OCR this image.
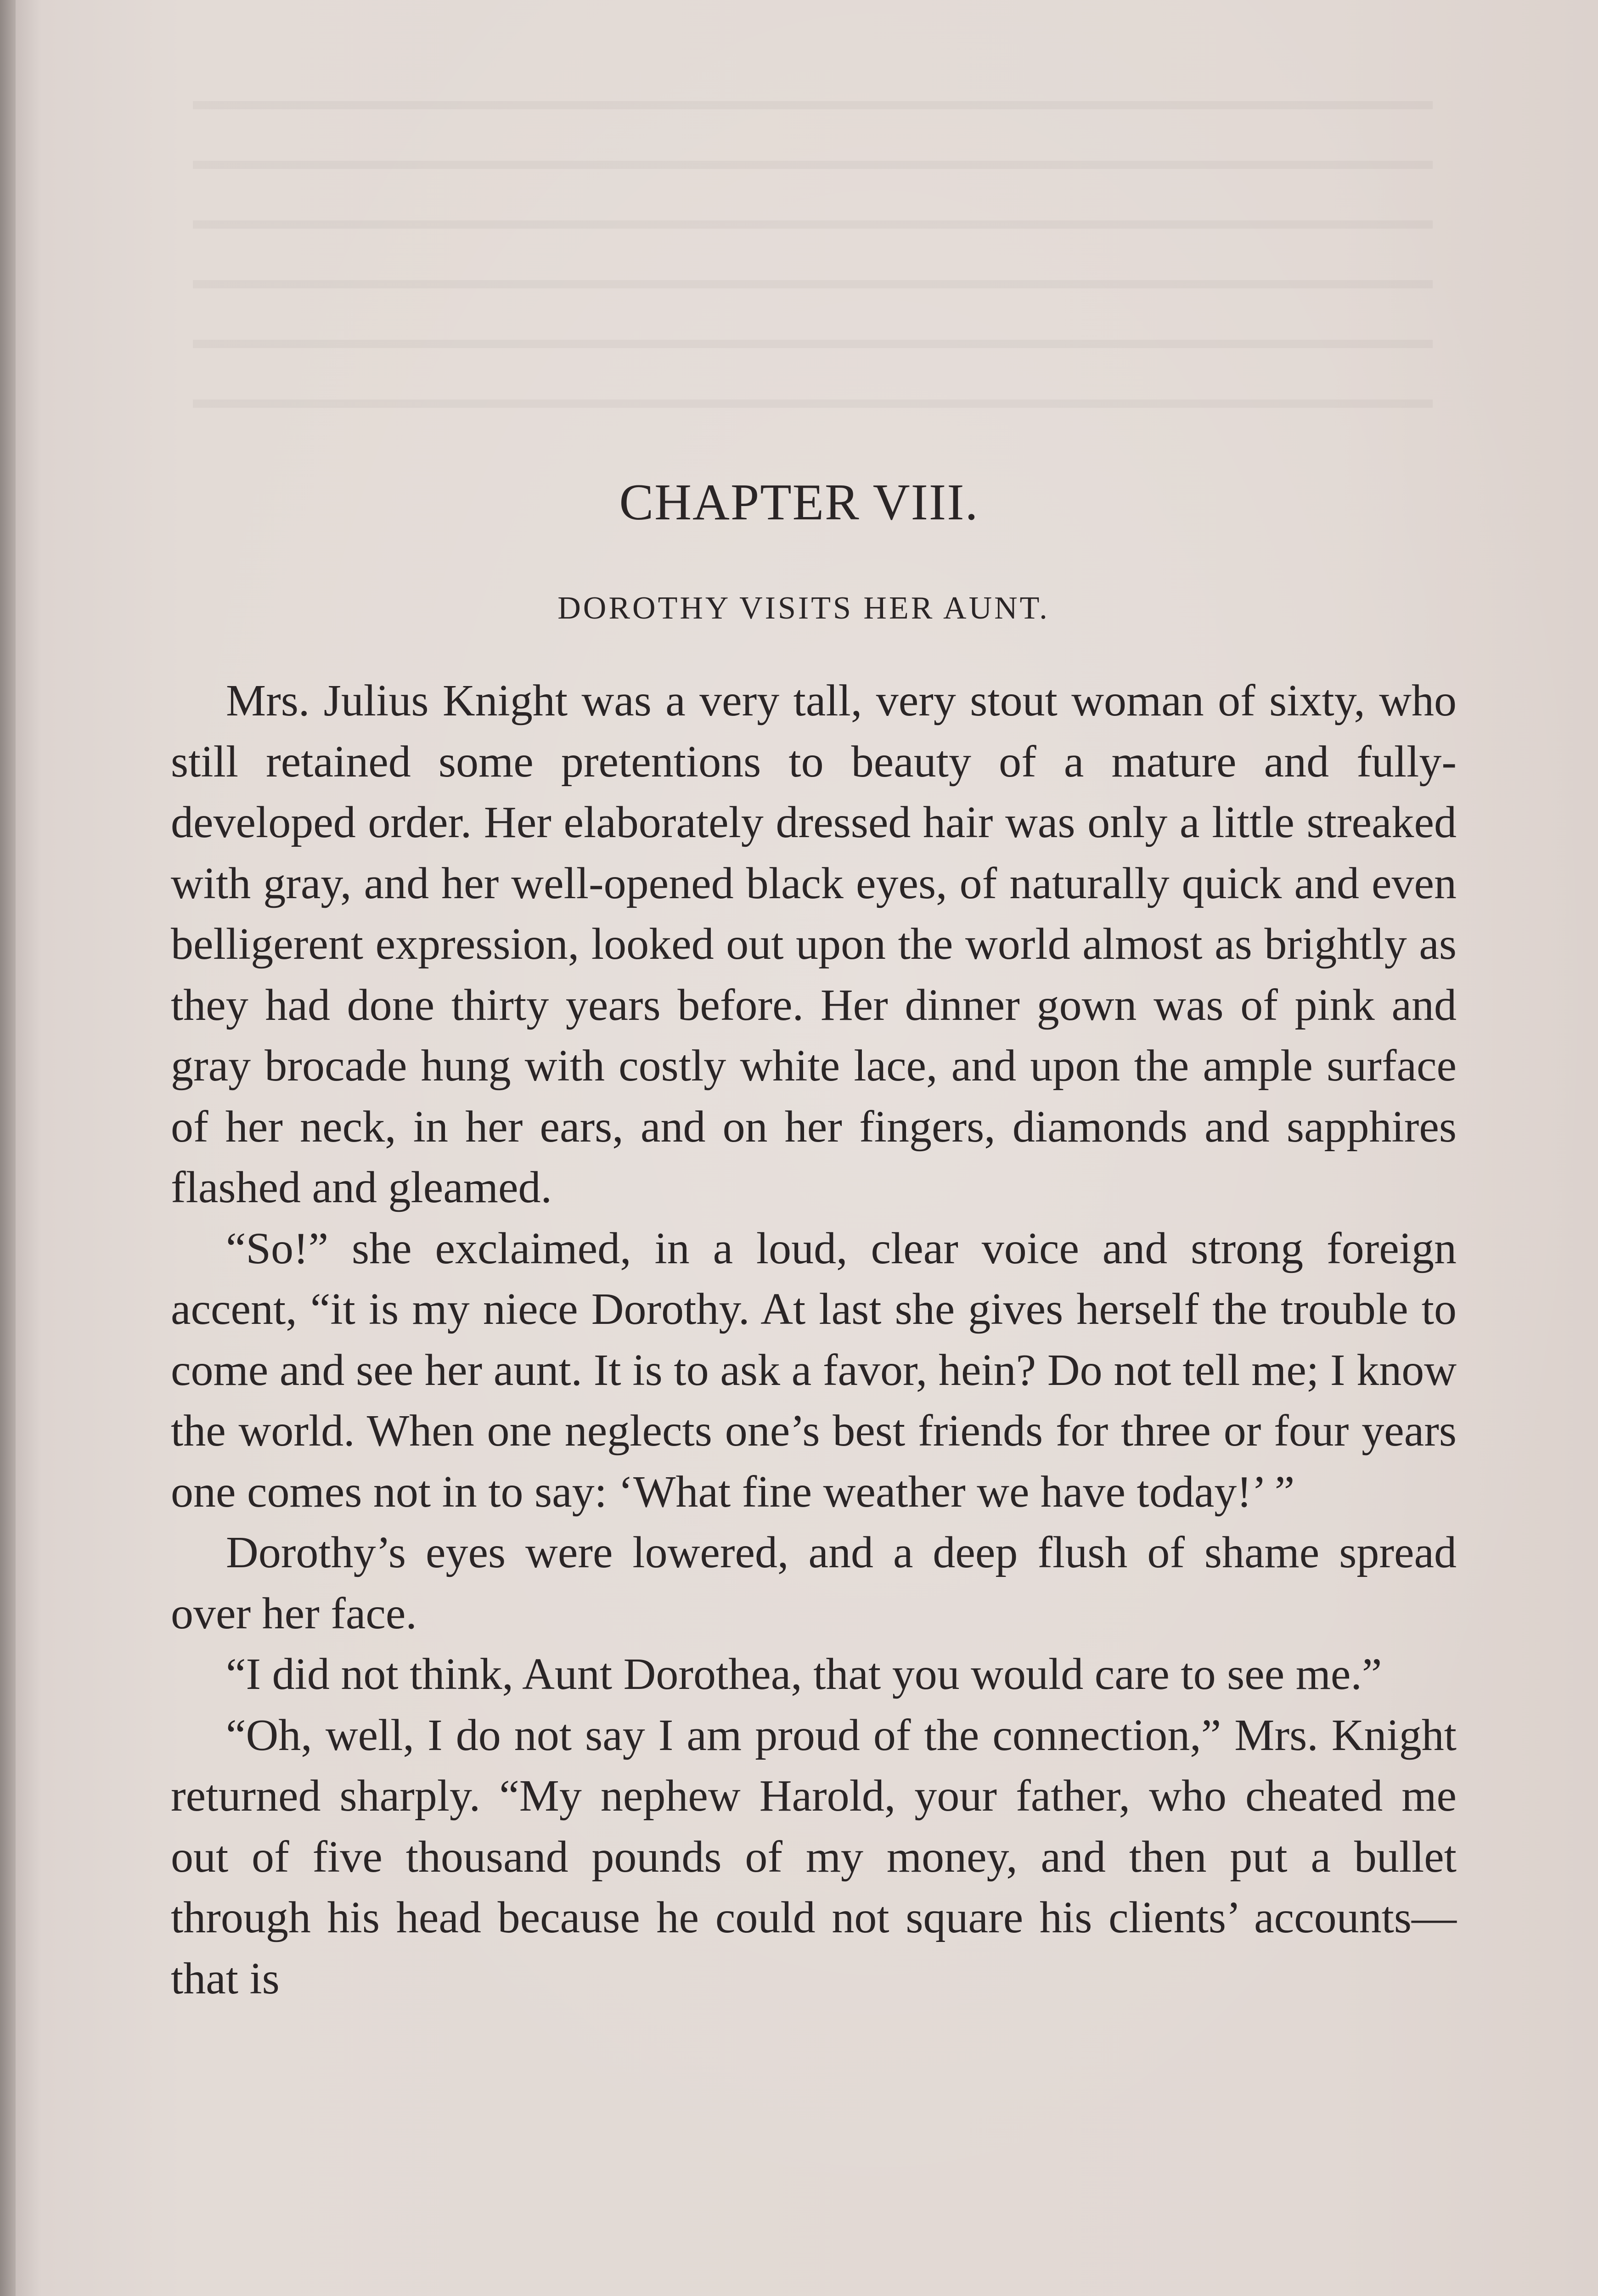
CHAPTER VIII.
DOROTHY VISITS HER AUNT.

Mrs. Julius Knight was a very tall, very stout woman of sixty, who still retained some pretentions to beauty of a mature and fully-developed order. Her elaborately dressed hair was only a little streaked with gray, and her well-opened black eyes, of naturally quick and even belligerent expression, looked out upon the world almost as brightly as they had done thirty years before. Her dinner gown was of pink and gray brocade hung with costly white lace, and upon the ample surface of her neck, in her ears, and on her fingers, diamonds and sapphires flashed and gleamed.

“So!” she exclaimed, in a loud, clear voice and strong foreign accent, “it is my niece Dorothy. At last she gives herself the trouble to come and see her aunt. It is to ask a favor, hein? Do not tell me; I know the world. When one neglects one’s best friends for three or four years one comes not in to say: ‘What fine weather we have today!’ ”

Dorothy’s eyes were lowered, and a deep flush of shame spread over her face.

“I did not think, Aunt Dorothea, that you would care to see me.”

“Oh, well, I do not say I am proud of the connection,” Mrs. Knight returned sharply. “My nephew Harold, your father, who cheated me out of five thousand pounds of my money, and then put a bullet through his head because he could not square his clients’ accounts—that is
